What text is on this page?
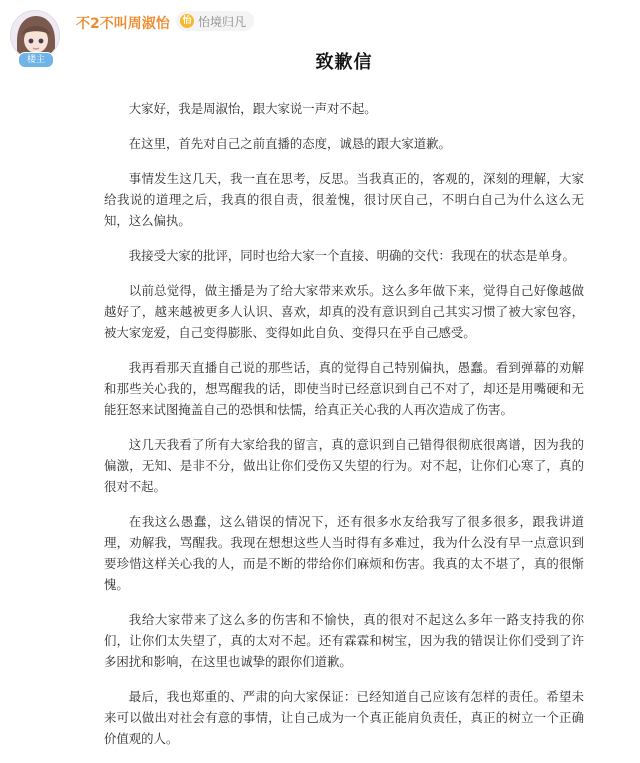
楼主
不2不叫周淑怡 怡 怡境归凡
致歉信

大家好，我是周淑怡，跟大家说一声对不起。

在这里，首先对自己之前直播的态度，诚恳的跟大家道歉。

事情发生这几天，我一直在思考，反思。当我真正的，客观的，深刻的理解，大家给我说的道理之后，我真的很自责，很羞愧，很讨厌自己，不明白自己为什么这么无知，这么偏执。

我接受大家的批评，同时也给大家一个直接、明确的交代：我现在的状态是单身。

以前总觉得，做主播是为了给大家带来欢乐。这么多年做下来，觉得自己好像越做越好了，越来越被更多人认识、喜欢，却真的没有意识到自己其实习惯了被大家包容，被大家宠爱，自己变得膨胀、变得如此自负、变得只在乎自己感受。

我再看那天直播自己说的那些话，真的觉得自己特别偏执，愚蠢。看到弹幕的劝解和那些关心我的，想骂醒我的话，即使当时已经意识到自己不对了，却还是用嘴硬和无能狂怒来试图掩盖自己的恐惧和怯懦，给真正关心我的人再次造成了伤害。

这几天我看了所有大家给我的留言，真的意识到自己错得很彻底很离谱，因为我的偏激，无知、是非不分，做出让你们受伤又失望的行为。对不起，让你们心寒了，真的很对不起。

在我这么愚蠢，这么错误的情况下，还有很多水友给我写了很多很多，跟我讲道理，劝解我，骂醒我。我现在想想这些人当时得有多难过，我为什么没有早一点意识到要珍惜这样关心我的人，而是不断的带给你们麻烦和伤害。我真的太不堪了，真的很惭愧。

我给大家带来了这么多的伤害和不愉快，真的很对不起这么多年一路支持我的你们，让你们太失望了，真的太对不起。还有霖霖和树宝，因为我的错误让你们受到了许多困扰和影响，在这里也诚挚的跟你们道歉。

最后，我也郑重的、严肃的向大家保证：已经知道自己应该有怎样的责任。希望未来可以做出对社会有意的事情，让自己成为一个真正能肩负责任，真正的树立一个正确价值观的人。
